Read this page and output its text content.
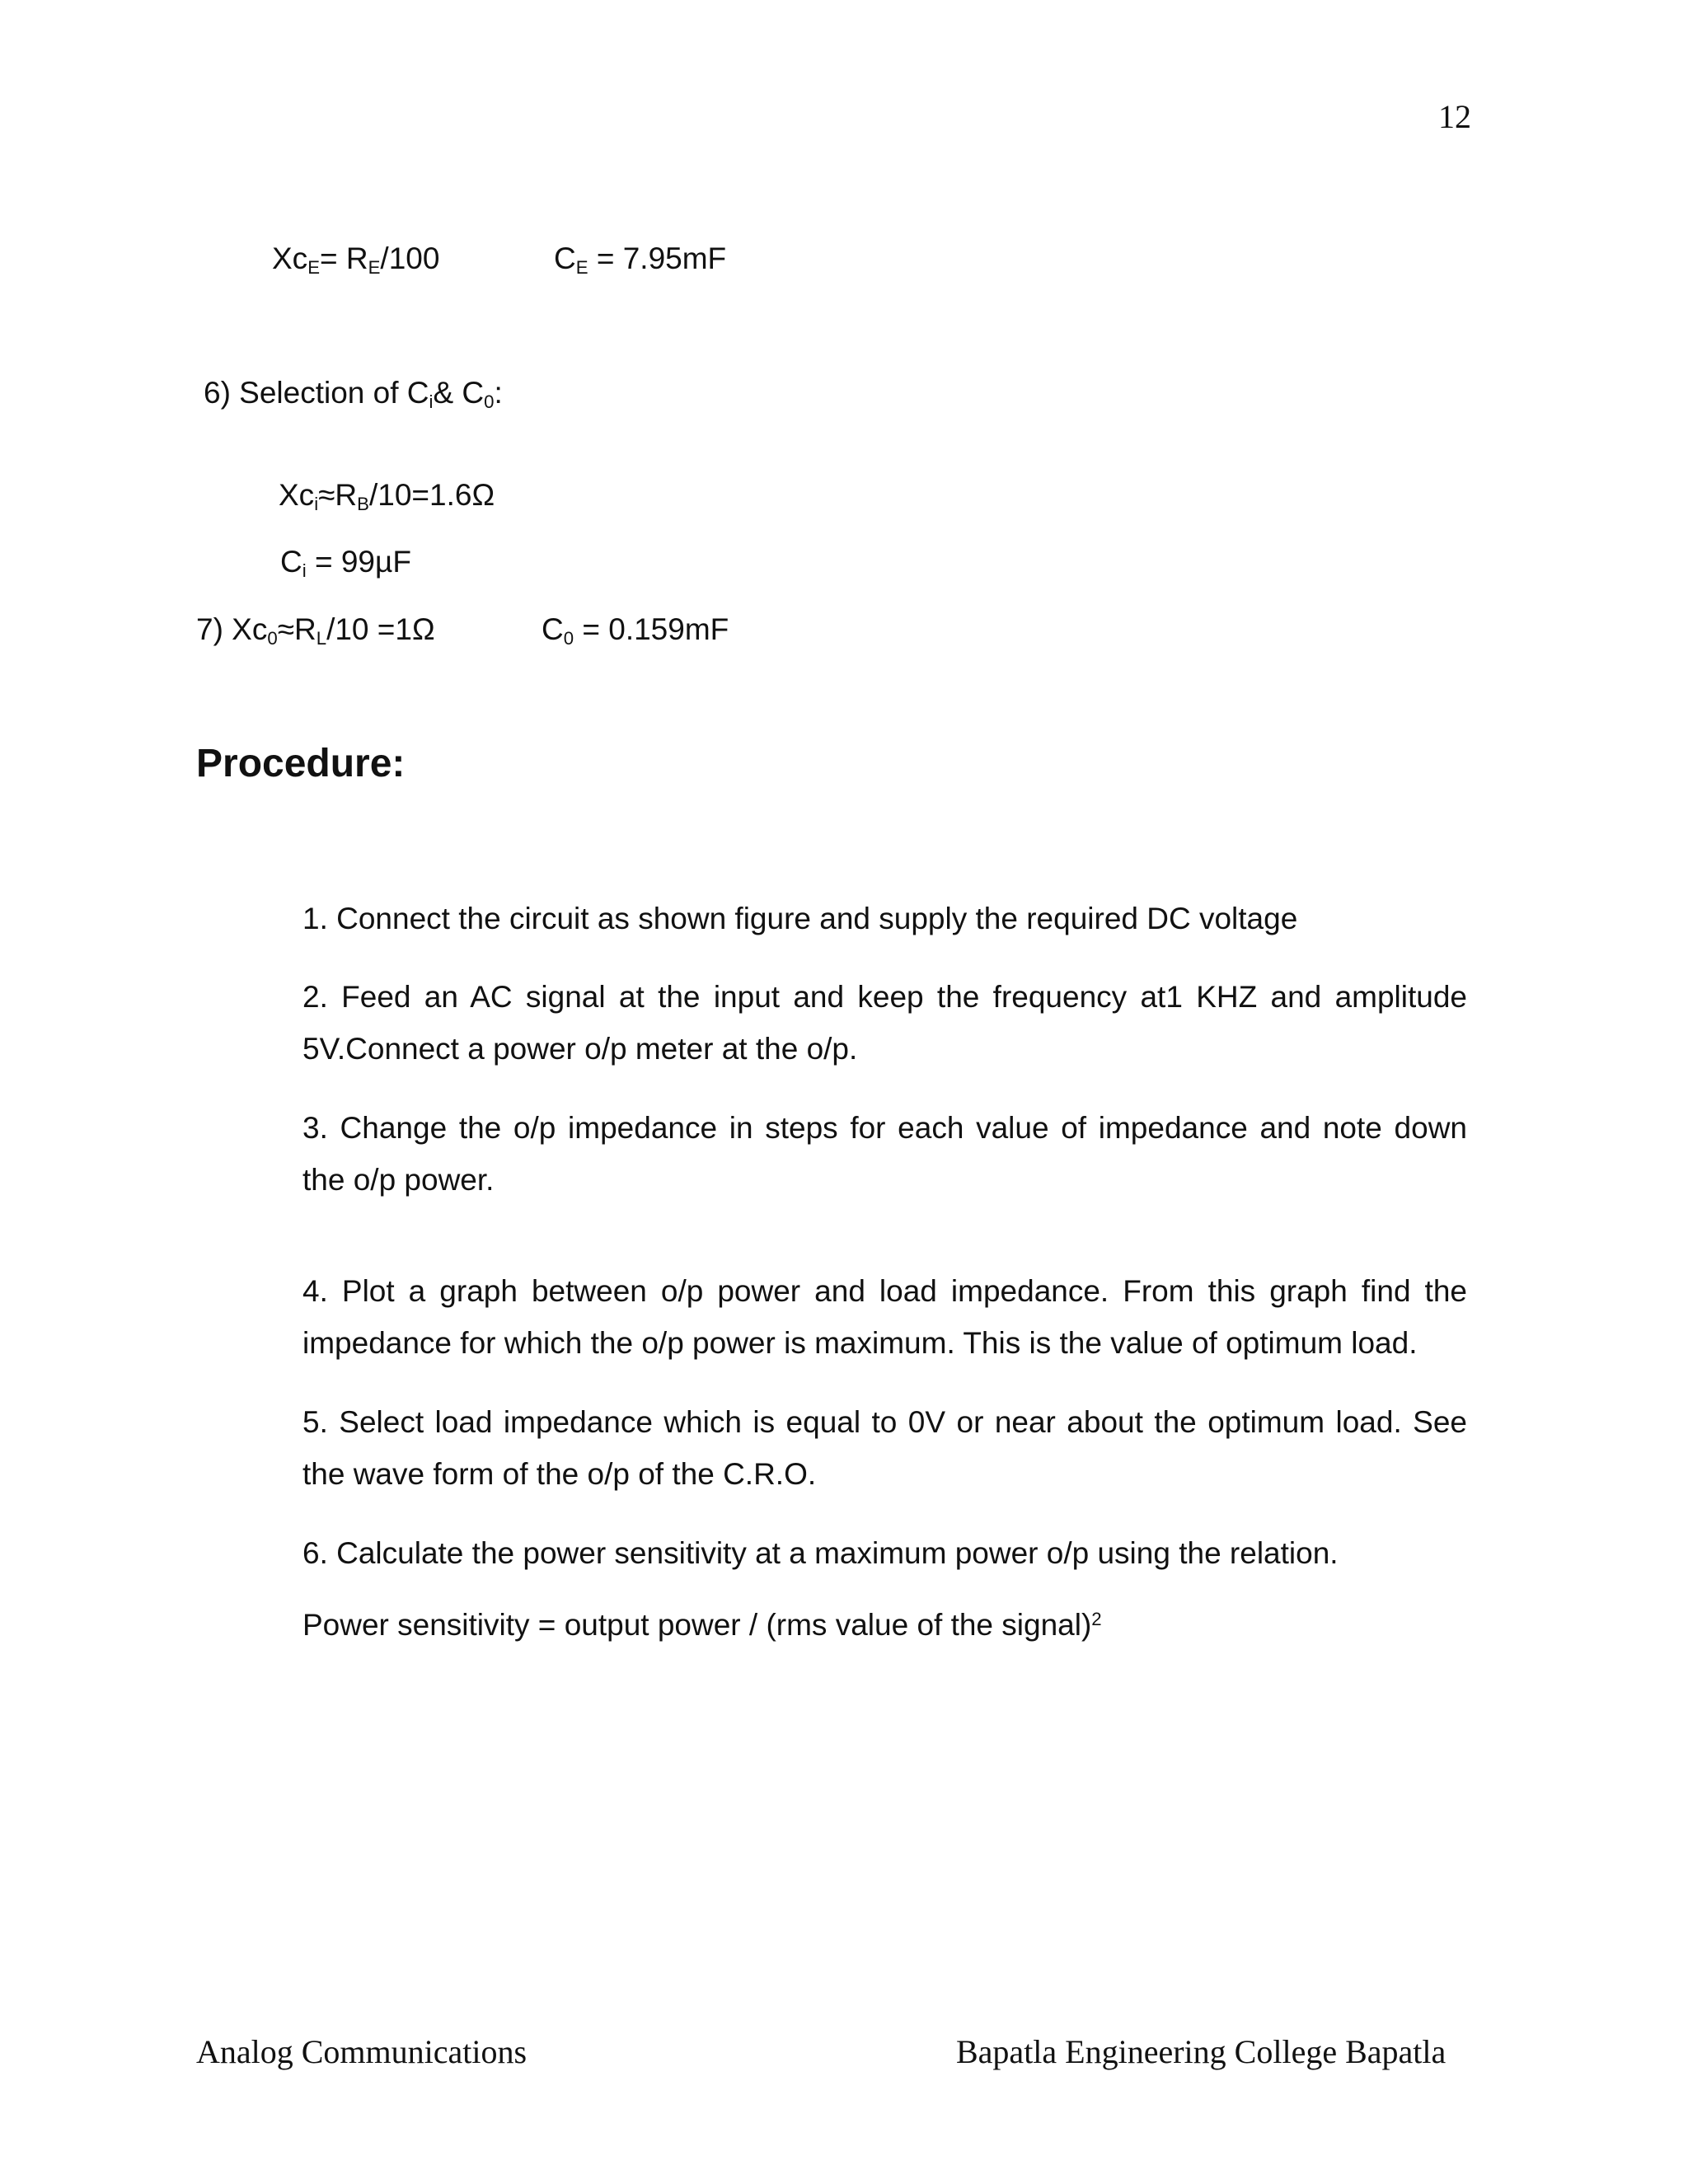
12
$Xc_E= R_E/100$	$C_E = 7.95mF$
6) Selection of $C_i\&$ $C_0$:
$Xc_i\approx R_B/10=1.6\Omega$
$C_i = 99\mu F$
7) $Xc_0\approx R_L/10 =1\Omega$	$C_0 = 0.159mF$
Procedure:
1. Connect the circuit as shown figure and supply the required DC voltage
2. Feed an AC signal at the input and keep the frequency at1 KHZ and amplitude 5V.Connect a power o/p meter at the o/p.
3. Change the o/p impedance in steps for each value of impedance and note down the o/p power.
4. Plot a graph between o/p power and load impedance. From this graph find the impedance for which the o/p power is maximum. This is the value of optimum load.
5. Select load impedance which is equal to 0V or near about the optimum load. See the wave form of the o/p of the C.R.O.
6. Calculate the power sensitivity at a maximum power o/p using the relation.
Power sensitivity = output power / (rms value of the signal)$^2$
Analog Communications	Bapatla Engineering College Bapatla
